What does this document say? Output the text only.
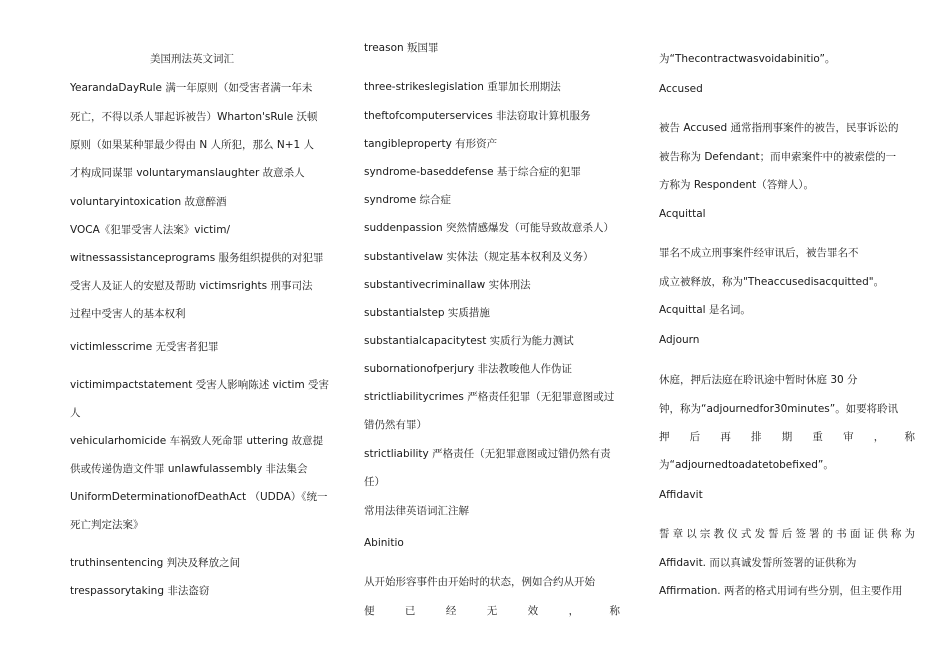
美国刑法英文词汇
YearandaDayRule 满一年原则（如受害者满一年未
死亡，不得以杀人罪起诉被告）Wharton'sRule 沃顿
原则（如果某种罪最少得由 N 人所犯，那么 N+1 人
才构成同谋罪 voluntarymanslaughter 故意杀人
voluntaryintoxication 故意醉酒
VOCA《犯罪受害人法案》victim/
witnessassistanceprograms 服务组织提供的对犯罪
受害人及证人的安慰及帮助 victimsrights 刑事司法
过程中受害人的基本权利
victimlesscrime 无受害者犯罪
victimimpactstatement 受害人影响陈述 victim 受害
人
vehicularhomicide 车祸致人死命罪 uttering 故意提
供或传递伪造文件罪 unlawfulassembly 非法集会
UniformDeterminationofDeathAct （UDDA）《统一
死亡判定法案》
truthinsentencing 判决及释放之间
trespassorytaking 非法盗窃
treason 叛国罪
three-strikeslegislation 重罪加长刑期法
theftofcomputerservices 非法窃取计算机服务
tangibleproperty 有形资产
syndrome-baseddefense 基于综合症的犯罪
syndrome 综合症
suddenpassion 突然情感爆发（可能导致故意杀人）
substantivelaw 实体法（规定基本权利及义务）
substantivecriminallaw 实体刑法
substantialstep 实质措施
substantialcapacitytest 实质行为能力测试
subornationofperjury 非法教唆他人作伪证
strictliabilitycrimes 严格责任犯罪（无犯罪意图或过
错仍然有罪）
strictliability 严格责任（无犯罪意图或过错仍然有责
任）
常用法律英语词汇注解
Abinitio
从开始形容事件由开始时的状态，例如合约从开始
便已经无效，称
为“Thecontractwasvoidabinitio”。
Accused
被告 Accused 通常指刑事案件的被告，民事诉讼的
被告称为 Defendant；而申索案件中的被索偿的一
方称为 Respondent（答辩人）。
Acquittal
罪名不成立刑事案件经审讯后，被告罪名不
成立被释放，称为"Theaccusedisacquitted"。
Acquittal 是名词。
Adjourn
休庭，押后法庭在聆讯途中暂时休庭 30 分
钟，称为“adjournedfor30minutes”。如要将聆讯
押后再排期重审，称
为“adjournedtoadatetobefixed”。
Affidavit
誓章以宗教仪式发誓后签署的书面证供称为
Affidavit. 而以真诚发誓所签署的证供称为
Affirmation. 两者的格式用词有些分别，但主要作用
